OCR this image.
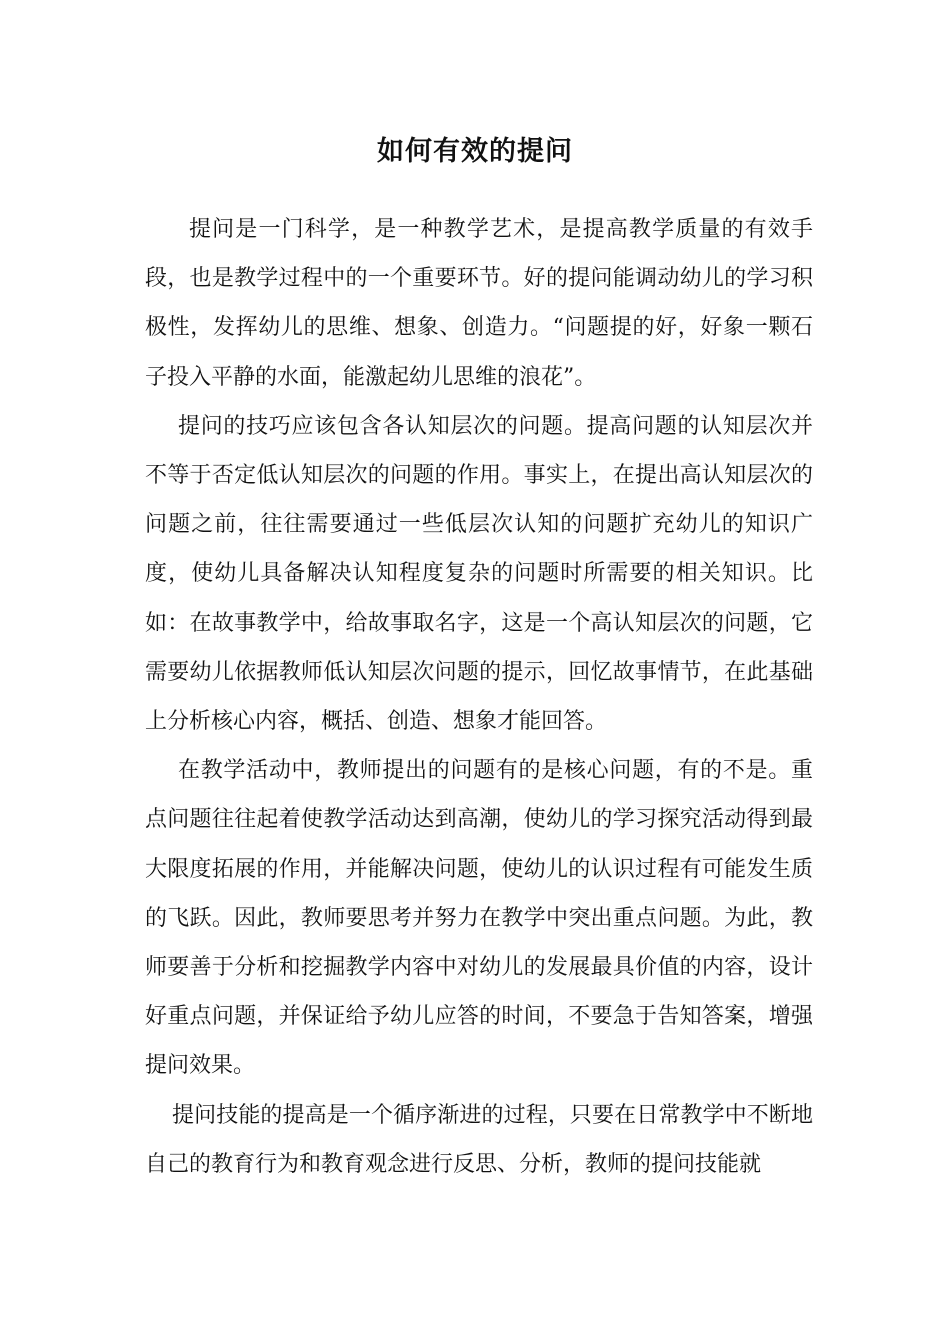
如何有效的提问

提问是一门科学，是一种教学艺术，是提高教学质量的有效手段，也是教学过程中的一个重要环节。好的提问能调动幼儿的学习积极性，发挥幼儿的思维、想象、创造力。“问题提的好，好象一颗石子投入平静的水面，能激起幼儿思维的浪花”。

提问的技巧应该包含各认知层次的问题。提高问题的认知层次并不等于否定低认知层次的问题的作用。事实上，在提出高认知层次的问题之前，往往需要通过一些低层次认知的问题扩充幼儿的知识广度，使幼儿具备解决认知程度复杂的问题时所需要的相关知识。比如：在故事教学中，给故事取名字，这是一个高认知层次的问题，它需要幼儿依据教师低认知层次问题的提示，回忆故事情节，在此基础上分析核心内容，概括、创造、想象才能回答。

在教学活动中，教师提出的问题有的是核心问题，有的不是。重点问题往往起着使教学活动达到高潮，使幼儿的学习探究活动得到最大限度拓展的作用，并能解决问题，使幼儿的认识过程有可能发生质的飞跃。因此，教师要思考并努力在教学中突出重点问题。为此，教师要善于分析和挖掘教学内容中对幼儿的发展最具价值的内容，设计好重点问题，并保证给予幼儿应答的时间，不要急于告知答案，增强提问效果。

提问技能的提高是一个循序渐进的过程，只要在日常教学中不断地自己的教育行为和教育观念进行反思、分析，教师的提问技能就
